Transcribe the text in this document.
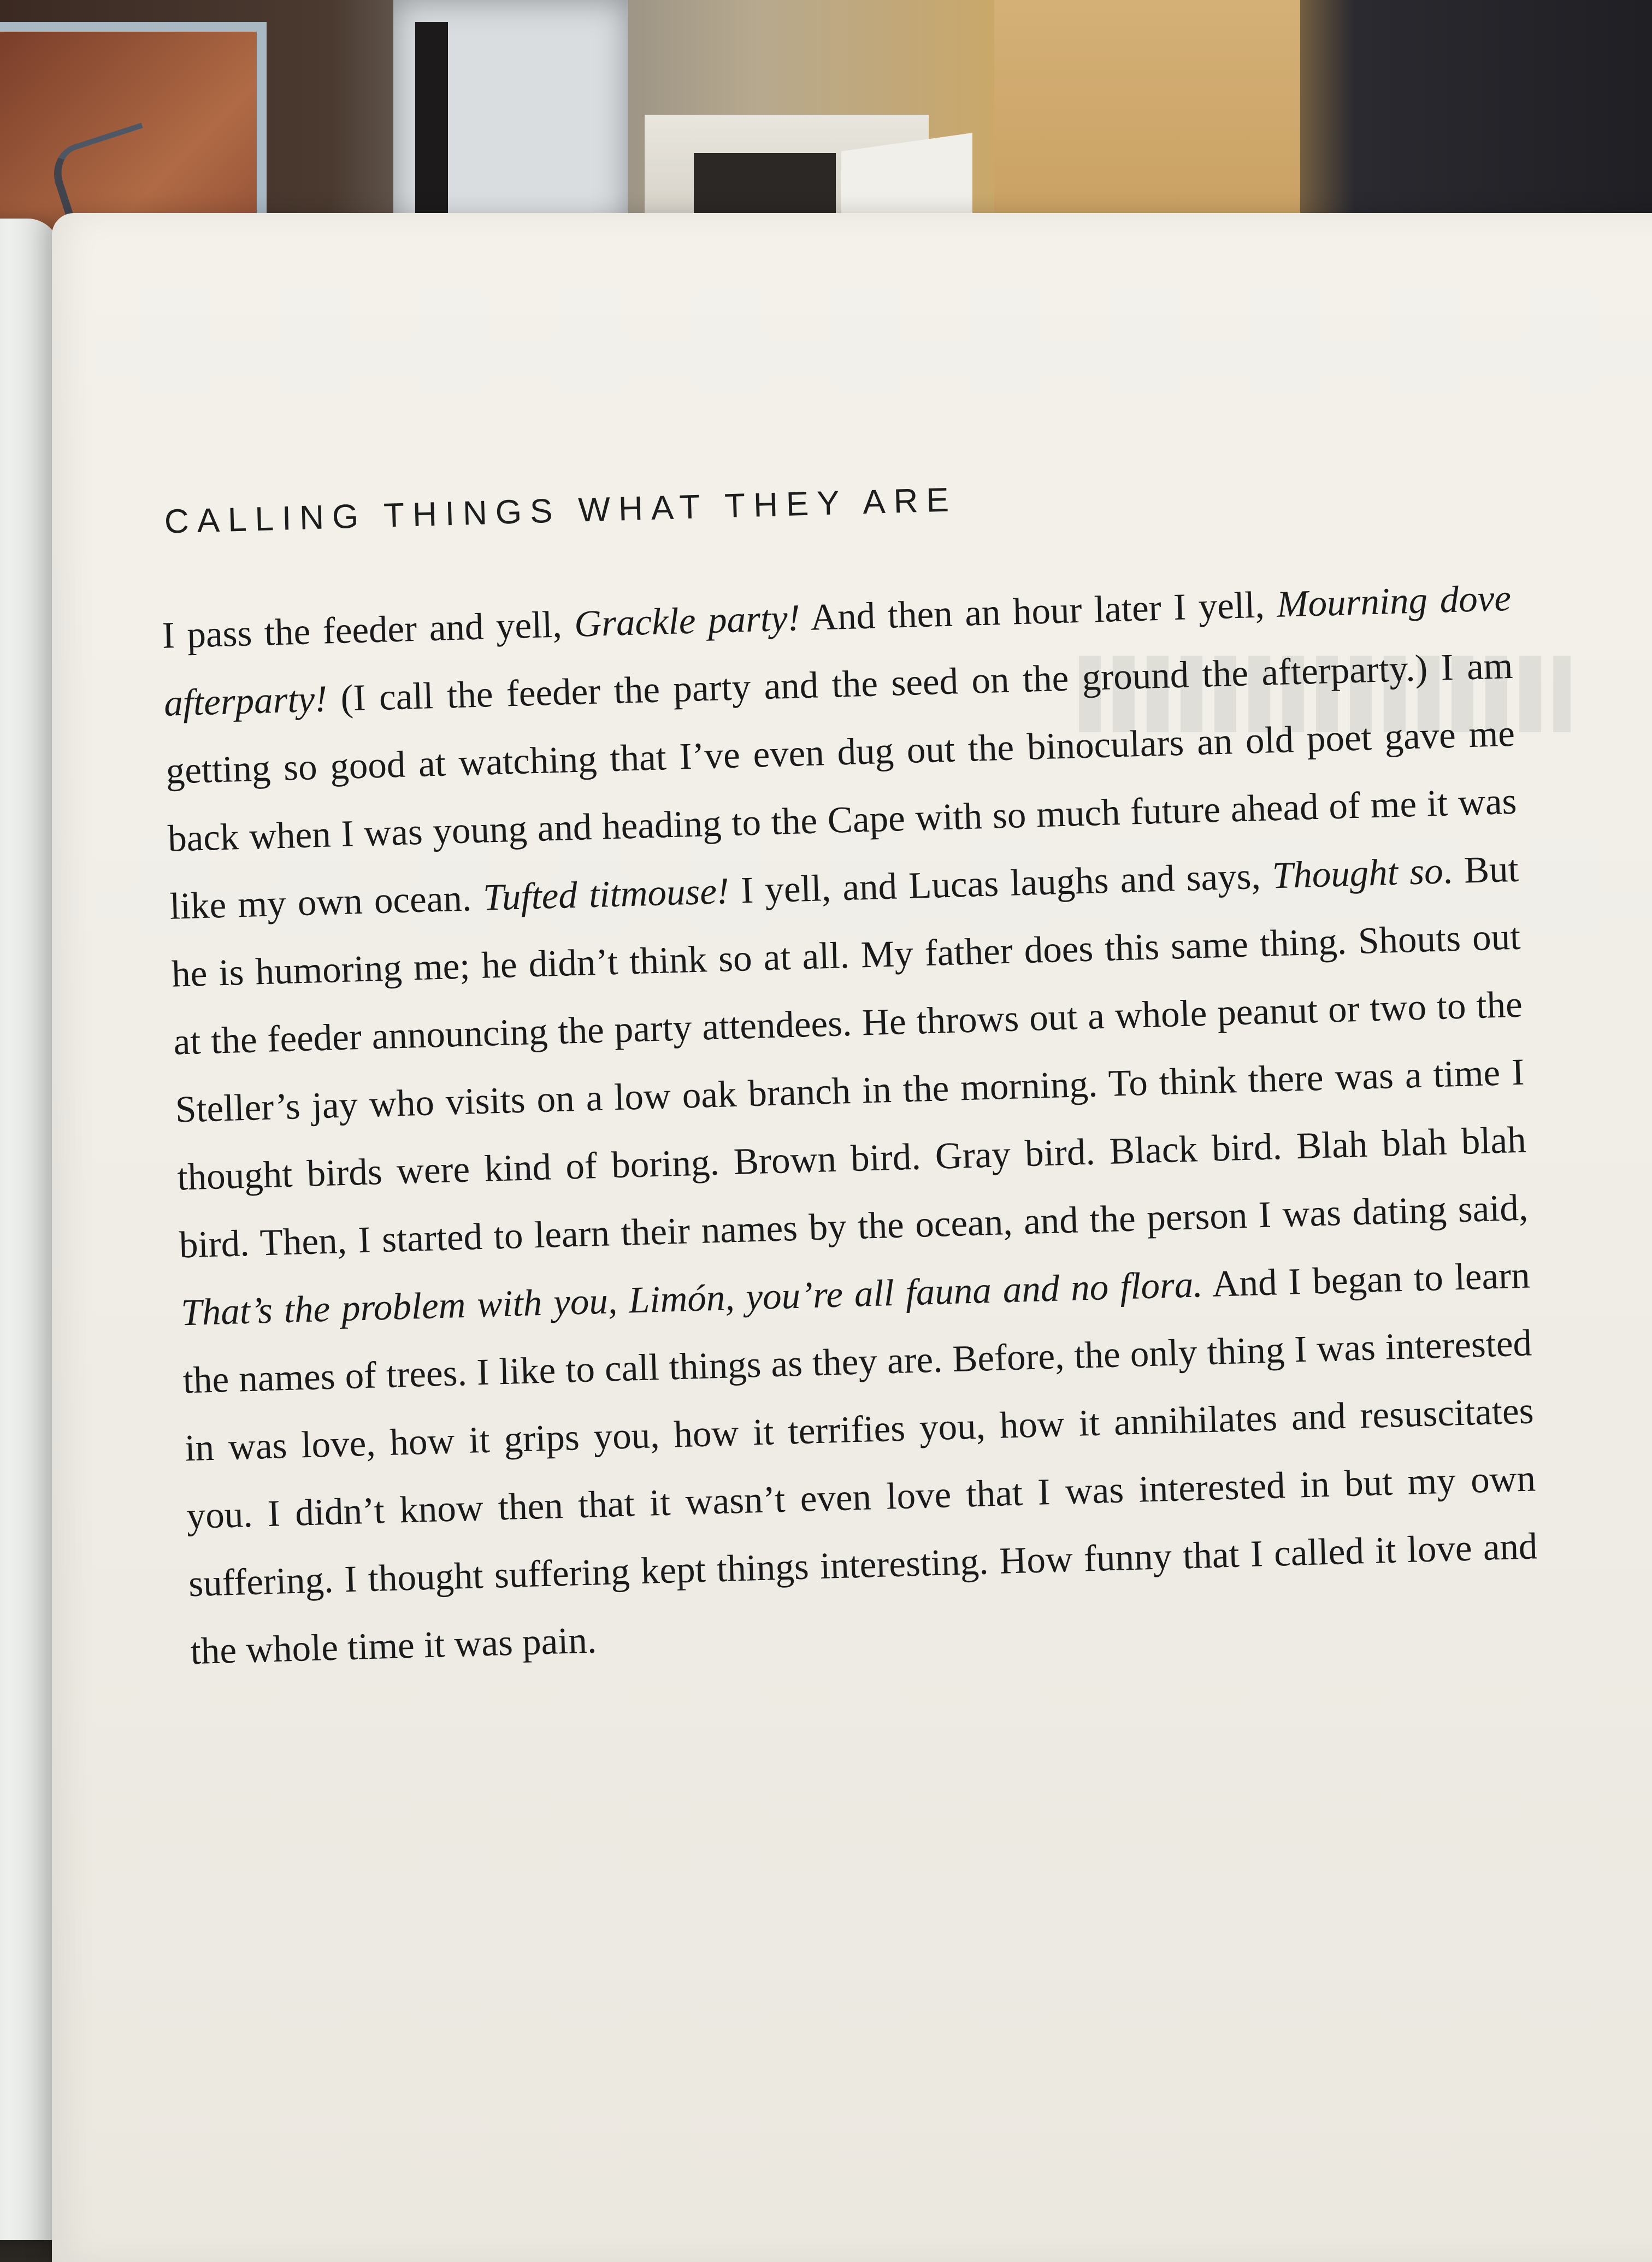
CALLING THINGS WHAT THEY ARE

I pass the feeder and yell, Grackle party! And then an hour later I yell, Mourning dove afterparty! (I call the feeder the party and the seed on the ground the afterparty.) I am getting so good at watching that I’ve even dug out the binoculars an old poet gave me back when I was young and heading to the Cape with so much future ahead of me it was like my own ocean. Tufted titmouse! I yell, and Lucas laughs and says, Thought so. But he is humoring me; he didn’t think so at all. My father does this same thing. Shouts out at the feeder announcing the party attendees. He throws out a whole peanut or two to the Steller’s jay who visits on a low oak branch in the morning. To think there was a time I thought birds were kind of boring. Brown bird. Gray bird. Black bird. Blah blah blah bird. Then, I started to learn their names by the ocean, and the person I was dating said, That’s the problem with you, Limón, you’re all fauna and no flora. And I began to learn the names of trees. I like to call things as they are. Before, the only thing I was interested in was love, how it grips you, how it terrifies you, how it annihilates and resuscitates you. I didn’t know then that it wasn’t even love that I was interested in but my own suffering. I thought suffering kept things interesting. How funny that I called it love and the whole time it was pain.
